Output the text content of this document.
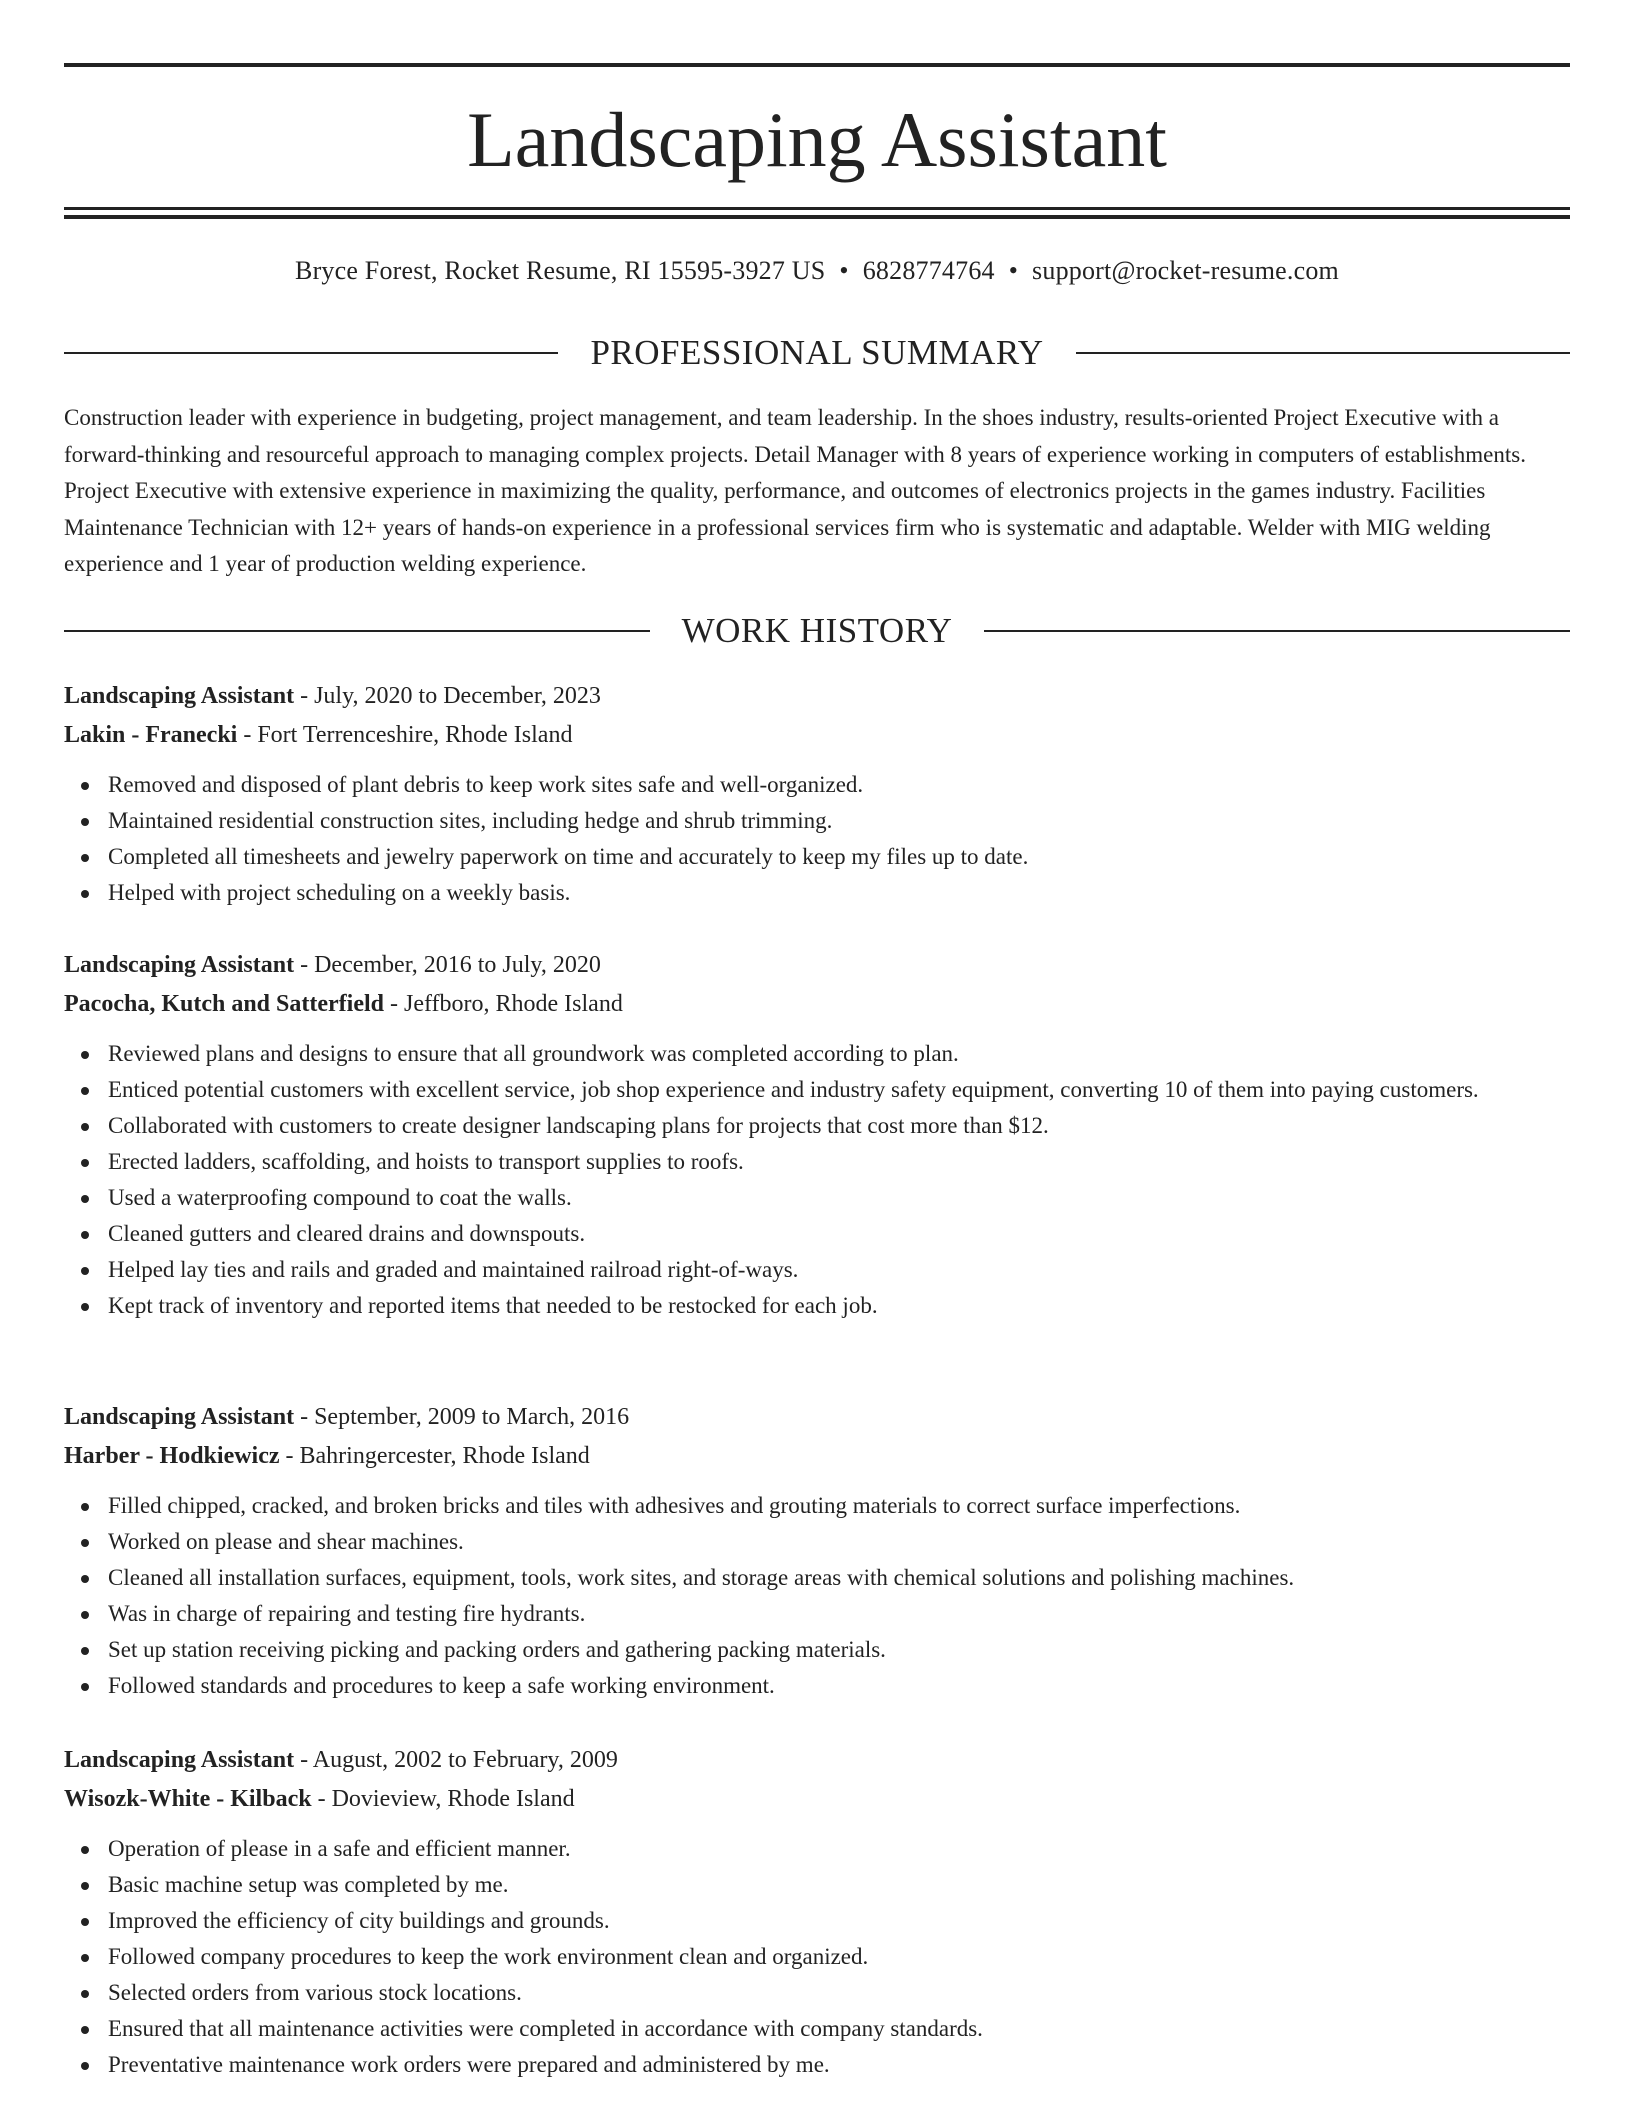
Landscaping Assistant
Bryce Forest, Rocket Resume, RI 15595-3927 US • 6828774764 • support@rocket-resume.com
PROFESSIONAL SUMMARY

Construction leader with experience in budgeting, project management, and team leadership. In the shoes industry, results-oriented Project Executive with a forward-thinking and resourceful approach to managing complex projects. Detail Manager with 8 years of experience working in computers of establishments. Project Executive with extensive experience in maximizing the quality, performance, and outcomes of electronics projects in the games industry. Facilities Maintenance Technician with 12+ years of hands-on experience in a professional services firm who is systematic and adaptable. Welder with MIG welding experience and 1 year of production welding experience.

WORK HISTORY

Landscaping Assistant - July, 2020 to December, 2023

Lakin - Franecki - Fort Terrenceshire, Rhode Island

Removed and disposed of plant debris to keep work sites safe and well-organized.
Maintained residential construction sites, including hedge and shrub trimming.
Completed all timesheets and jewelry paperwork on time and accurately to keep my files up to date.
Helped with project scheduling on a weekly basis.

Landscaping Assistant - December, 2016 to July, 2020

Pacocha, Kutch and Satterfield - Jeffboro, Rhode Island

Reviewed plans and designs to ensure that all groundwork was completed according to plan.
Enticed potential customers with excellent service, job shop experience and industry safety equipment, converting 10 of them into paying customers.
Collaborated with customers to create designer landscaping plans for projects that cost more than $12.
Erected ladders, scaffolding, and hoists to transport supplies to roofs.
Used a waterproofing compound to coat the walls.
Cleaned gutters and cleared drains and downspouts.
Helped lay ties and rails and graded and maintained railroad right-of-ways.
Kept track of inventory and reported items that needed to be restocked for each job.

Landscaping Assistant - September, 2009 to March, 2016

Harber - Hodkiewicz - Bahringercester, Rhode Island

Filled chipped, cracked, and broken bricks and tiles with adhesives and grouting materials to correct surface imperfections.
Worked on please and shear machines.
Cleaned all installation surfaces, equipment, tools, work sites, and storage areas with chemical solutions and polishing machines.
Was in charge of repairing and testing fire hydrants.
Set up station receiving picking and packing orders and gathering packing materials.
Followed standards and procedures to keep a safe working environment.

Landscaping Assistant - August, 2002 to February, 2009

Wisozk-White - Kilback - Dovieview, Rhode Island

Operation of please in a safe and efficient manner.
Basic machine setup was completed by me.
Improved the efficiency of city buildings and grounds.
Followed company procedures to keep the work environment clean and organized.
Selected orders from various stock locations.
Ensured that all maintenance activities were completed in accordance with company standards.
Preventative maintenance work orders were prepared and administered by me.
